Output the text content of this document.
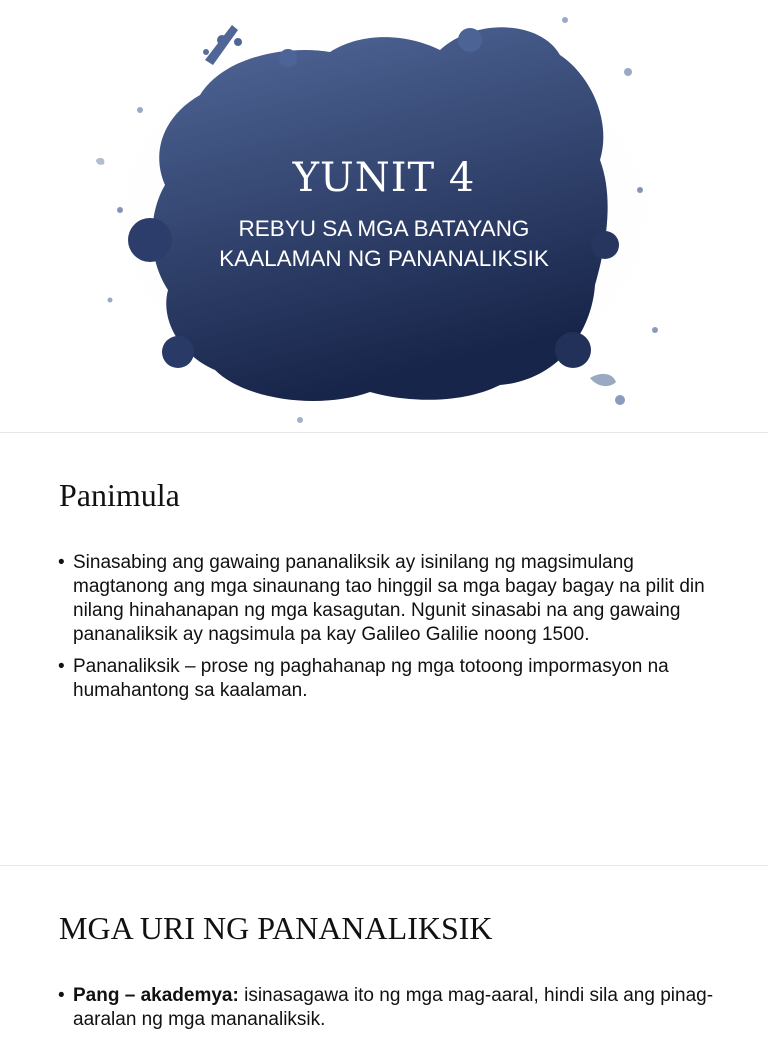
YUNIT 4
REBYU SA MGA BATAYANG
KAALAMAN NG PANANALIKSIK
Panimula
• Sinasabing ang gawaing pananaliksik ay isinilang ng magsimulang magtanong ang mga sinaunang tao hinggil sa mga bagay bagay na pilit din nilang hinahanapan ng mga kasagutan. Ngunit sinasabi na ang gawaing pananaliksik ay nagsimula pa kay Galileo Galilie noong 1500.
• Pananaliksik – prose ng paghahanap ng mga totoong impormasyon na humahantong sa kaalaman.
MGA URI NG PANANALIKSIK
• Pang – akademya: isinasagawa ito ng mga mag-aaral, hindi sila ang pinag-aaralan ng mga mananaliksik.
